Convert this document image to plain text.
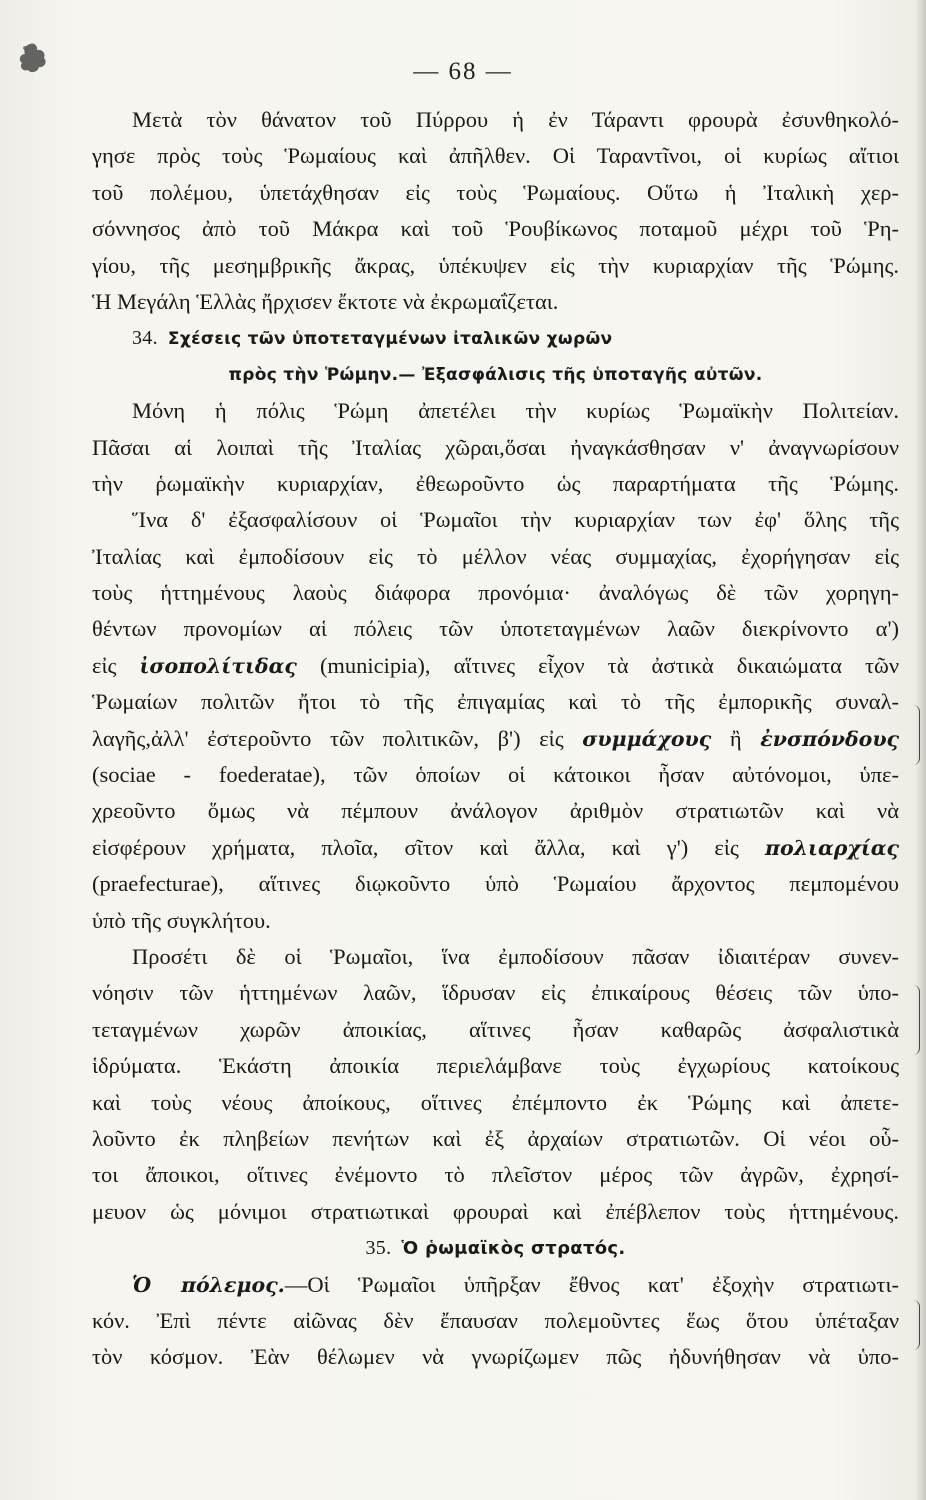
— 68 —
Μετὰ τὸν θάνατον τοῦ Πύρρου ἡ ἐν Τάραντι φρουρὰ ἐσυνθηκολό-
γησε πρὸς τοὺς Ῥωμαίους καὶ ἀπῆλθεν. Οἱ Ταραντῖνοι, οἱ κυρίως αἴτιοι
τοῦ πολέμου, ὑπετάχθησαν εἰς τοὺς Ῥωμαίους. Οὕτω ἡ Ἰταλικὴ χερ-
σόννησος ἀπὸ τοῦ Μάκρα καὶ τοῦ Ῥουβίκωνος ποταμοῦ μέχρι τοῦ Ῥη-
γίου, τῆς μεσημβρικῆς ἄκρας, ὑπέκυψεν εἰς τὴν κυριαρχίαν τῆς Ῥώμης.
Ἡ Μεγάλη Ἑλλὰς ἤρχισεν ἔκτοτε νὰ ἐκρωμαΐζεται.
34. Σχέσεις τῶν ὑποτεταγμένων ἰταλικῶν χωρῶν
πρὸς τὴν Ῥώμην.— Ἐξασφάλισις τῆς ὑποταγῆς αὐτῶν.
Μόνη ἡ πόλις Ῥώμη ἀπετέλει τὴν κυρίως Ῥωμαϊκὴν Πολιτείαν.
Πᾶσαι αἱ λοιπαὶ τῆς Ἰταλίας χῶραι,ὅσαι ἠναγκάσθησαν ν' ἀναγνωρίσουν
τὴν ῥωμαϊκὴν κυριαρχίαν, ἐθεωροῦντο ὡς παραρτήματα τῆς Ῥώμης.
Ἵνα δ' ἐξασφαλίσουν οἱ Ῥωμαῖοι τὴν κυριαρχίαν των ἐφ' ὅλης τῆς
Ἰταλίας καὶ ἐμποδίσουν εἰς τὸ μέλλον νέας συμμαχίας, ἐχορήγησαν εἰς
τοὺς ἡττημένους λαοὺς διάφορα προνόμια· ἀναλόγως δὲ τῶν χορηγη-
θέντων προνομίων αἱ πόλεις τῶν ὑποτεταγμένων λαῶν διεκρίνοντο α')
εἰς ἰσοπολίτιδας (municipia), αἵτινες εἶχον τὰ ἀστικὰ δικαιώματα τῶν
Ῥωμαίων πολιτῶν ἤτοι τὸ τῆς ἐπιγαμίας καὶ τὸ τῆς ἐμπορικῆς συναλ-
λαγῆς,ἀλλ' ἐστεροῦντο τῶν πολιτικῶν, β') εἰς συμμάχους ἢ ἐνσπόνδους
(sociae - foederatae), τῶν ὁποίων οἱ κάτοικοι ἦσαν αὐτόνομοι, ὑπε-
χρεοῦντο ὅμως νὰ πέμπουν ἀνάλογον ἀριθμὸν στρατιωτῶν καὶ νὰ
εἰσφέρουν χρήματα, πλοῖα, σῖτον καὶ ἄλλα, καὶ γ') εἰς πολιαρχίας
(praefecturae), αἵτινες διῳκοῦντο ὑπὸ Ῥωμαίου ἄρχοντος πεμπομένου
ὑπὸ τῆς συγκλήτου.
Προσέτι δὲ οἱ Ῥωμαῖοι, ἵνα ἐμποδίσουν πᾶσαν ἰδιαιτέραν συνεν-
νόησιν τῶν ἡττημένων λαῶν, ἵδρυσαν εἰς ἐπικαίρους θέσεις τῶν ὑπο-
τεταγμένων χωρῶν ἀποικίας, αἵτινες ἦσαν καθαρῶς ἀσφαλιστικὰ
ἱδρύματα. Ἑκάστη ἀποικία περιελάμβανε τοὺς ἐγχωρίους κατοίκους
καὶ τοὺς νέους ἀποίκους, οἵτινες ἐπέμποντο ἐκ Ῥώμης καὶ ἀπετε-
λοῦντο ἐκ πληβείων πενήτων καὶ ἐξ ἀρχαίων στρατιωτῶν. Οἱ νέοι οὗ-
τοι ἄποικοι, οἵτινες ἐνέμοντο τὸ πλεῖστον μέρος τῶν ἀγρῶν, ἐχρησί-
μευον ὡς μόνιμοι στρατιωτικαὶ φρουραὶ καὶ ἐπέβλεπον τοὺς ἡττημένους.
35. Ὁ ῥωμαϊκὸς στρατός.
Ὁ πόλεμος.—Οἱ Ῥωμαῖοι ὑπῆρξαν ἔθνος κατ' ἐξοχὴν στρατιωτι-
κόν. Ἐπὶ πέντε αἰῶνας δὲν ἔπαυσαν πολεμοῦντες ἕως ὅτου ὑπέταξαν
τὸν κόσμον. Ἐὰν θέλωμεν νὰ γνωρίζωμεν πῶς ἠδυνήθησαν νὰ ὑπο-
